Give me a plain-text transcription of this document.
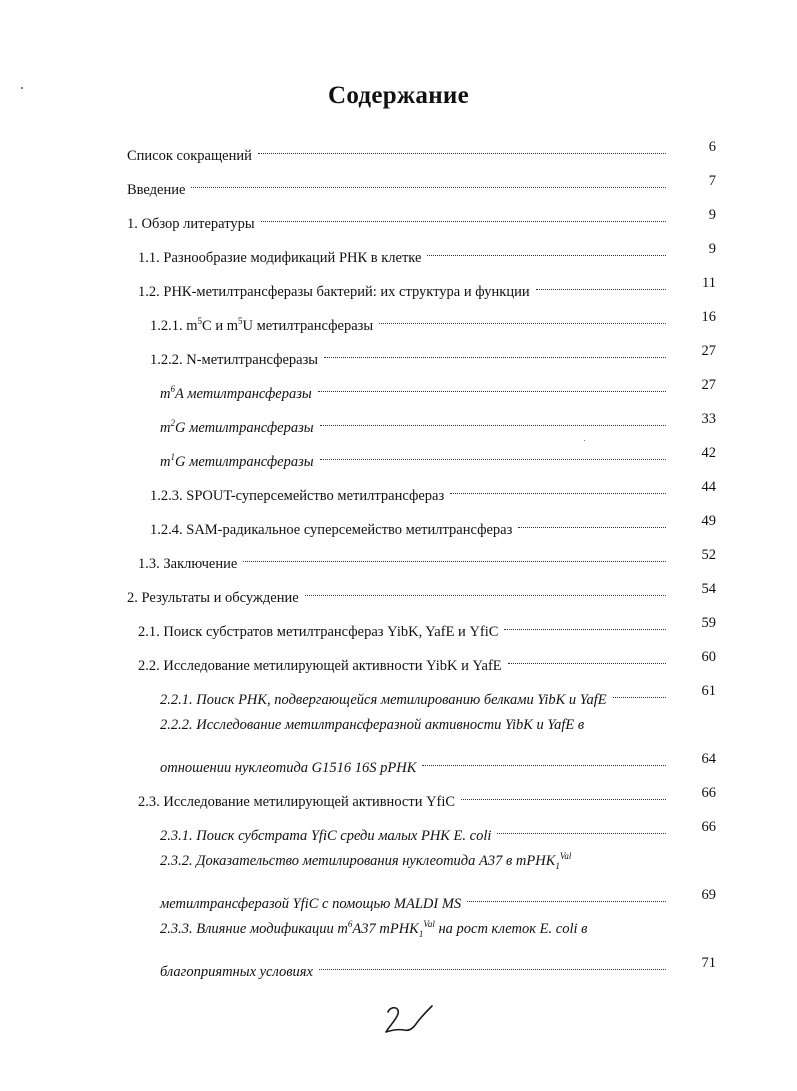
Содержание
Список сокращений
6
Введение
7
1. Обзор литературы
9
1.1. Разнообразие модификаций РНК в клетке
9
1.2. РНК-метилтрансферазы бактерий: их структура и функции
11
1.2.1. $m^5C$ и $m^5U$ метилтрансферазы
16
1.2.2. N-метилтрансферазы
27
$m^6A$ метилтрансферазы
27
$m^2G$ метилтрансферазы
33
$m^1G$ метилтрансферазы
42
1.2.3. SPOUT-суперсемейство метилтрансфераз
44
1.2.4. SAM-радикальное суперсемейство метилтрансфераз
49
1.3. Заключение
52
2. Результаты и обсуждение
54
2.1. Поиск субстратов метилтрансфераз YibK, YafE и YfiC
59
2.2. Исследование метилирующей активности YibK и YafE
60
2.2.1. Поиск РНК, подвергающейся метилированию белками YibK и YafE
61
2.2.2. Исследование метилтрансферазной активности YibK и YafE в
отношении нуклеотида G1516 16S рРНК
64
2.3. Исследование метилирующей активности YfiC
66
2.3.1. Поиск субстрата YfiC среди малых РНК E. coli
66
2.3.2. Доказательство метилирования нуклеотида А37 в тРНК$_1^{Val}$
метилтрансферазой YfiC с помощью MALDI MS
69
2.3.3. Влияние модификации $m^6A37$ тРНК$_1^{Val}$ на рост клеток E. coli в
благоприятных условиях
71
